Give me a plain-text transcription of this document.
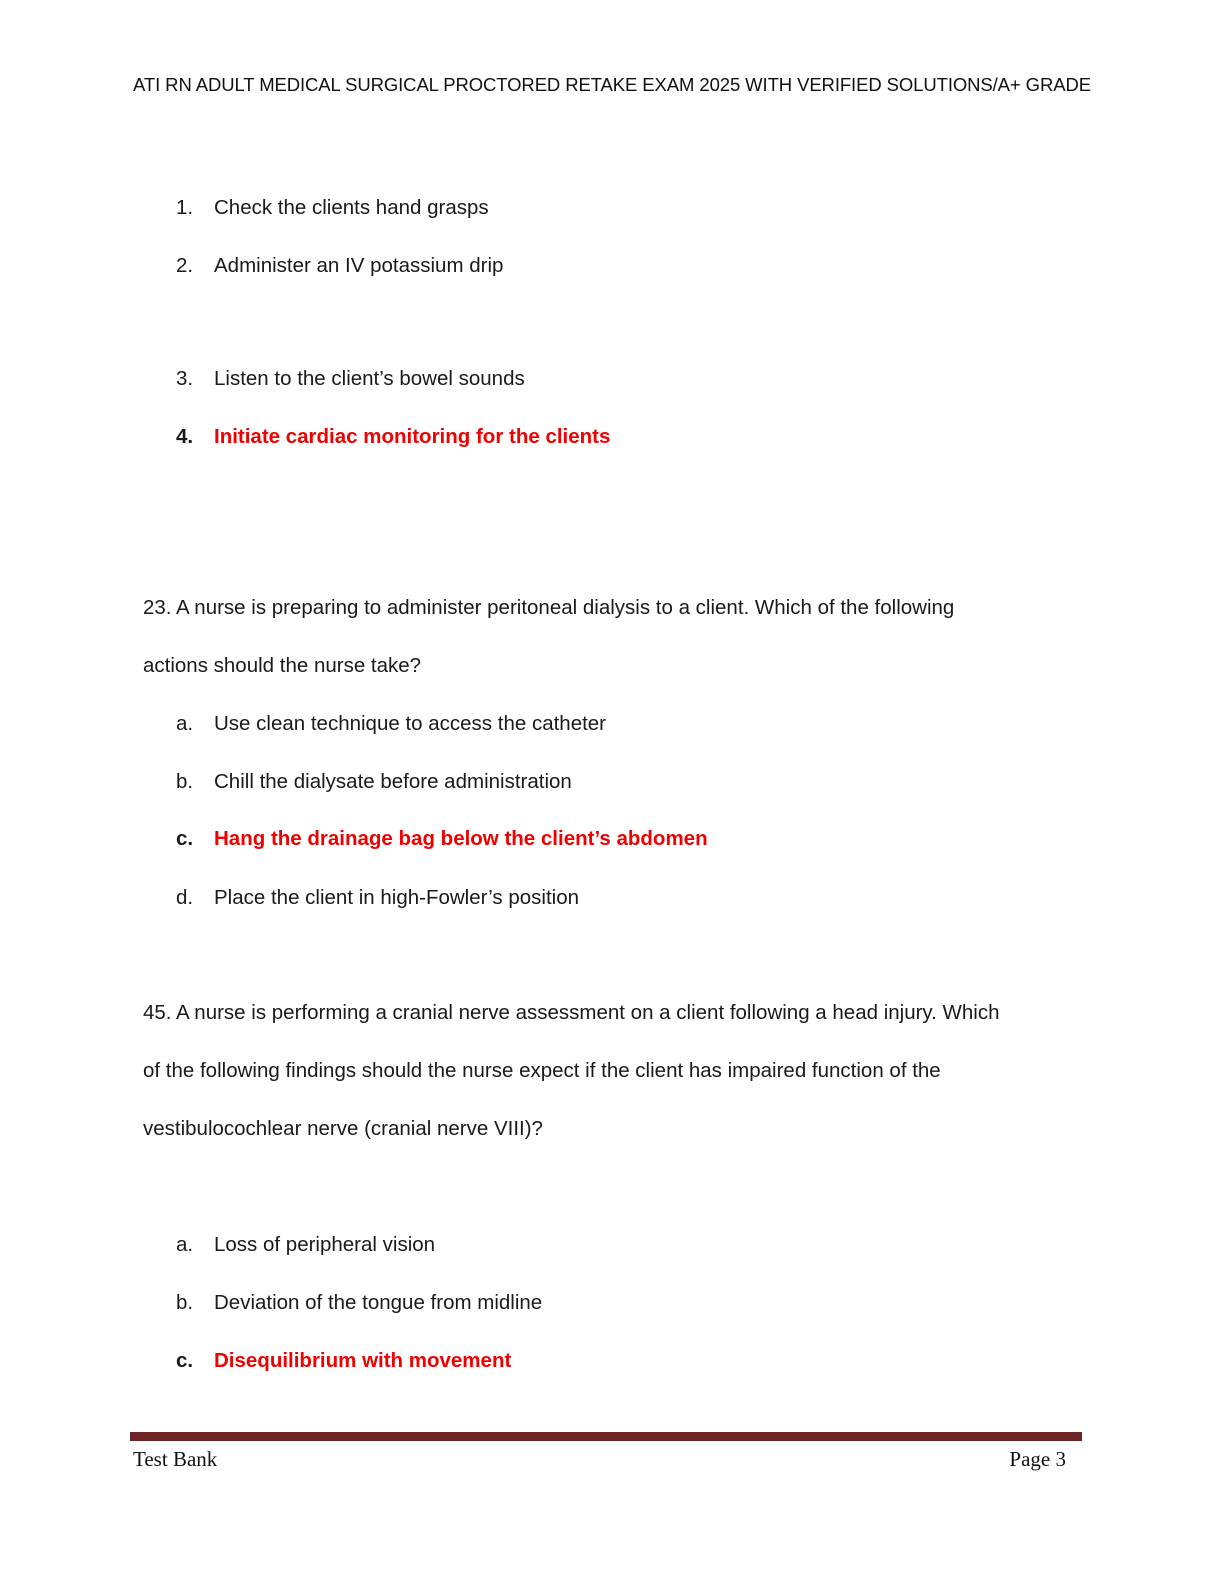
ATI RN ADULT MEDICAL SURGICAL PROCTORED RETAKE EXAM 2025 WITH VERIFIED SOLUTIONS/A+ GRADE
1. Check the clients hand grasps
2. Administer an IV potassium drip
3. Listen to the client’s bowel sounds
4. Initiate cardiac monitoring for the clients
23. A nurse is preparing to administer peritoneal dialysis to a client. Which of the following
actions should the nurse take?
a. Use clean technique to access the catheter
b. Chill the dialysate before administration
c. Hang the drainage bag below the client’s abdomen
d. Place the client in high-Fowler’s position
45. A nurse is performing a cranial nerve assessment on a client following a head injury. Which
of the following findings should the nurse expect if the client has impaired function of the
vestibulocochlear nerve (cranial nerve VIII)?
a. Loss of peripheral vision
b. Deviation of the tongue from midline
c. Disequilibrium with movement
Test Bank	Page 3
